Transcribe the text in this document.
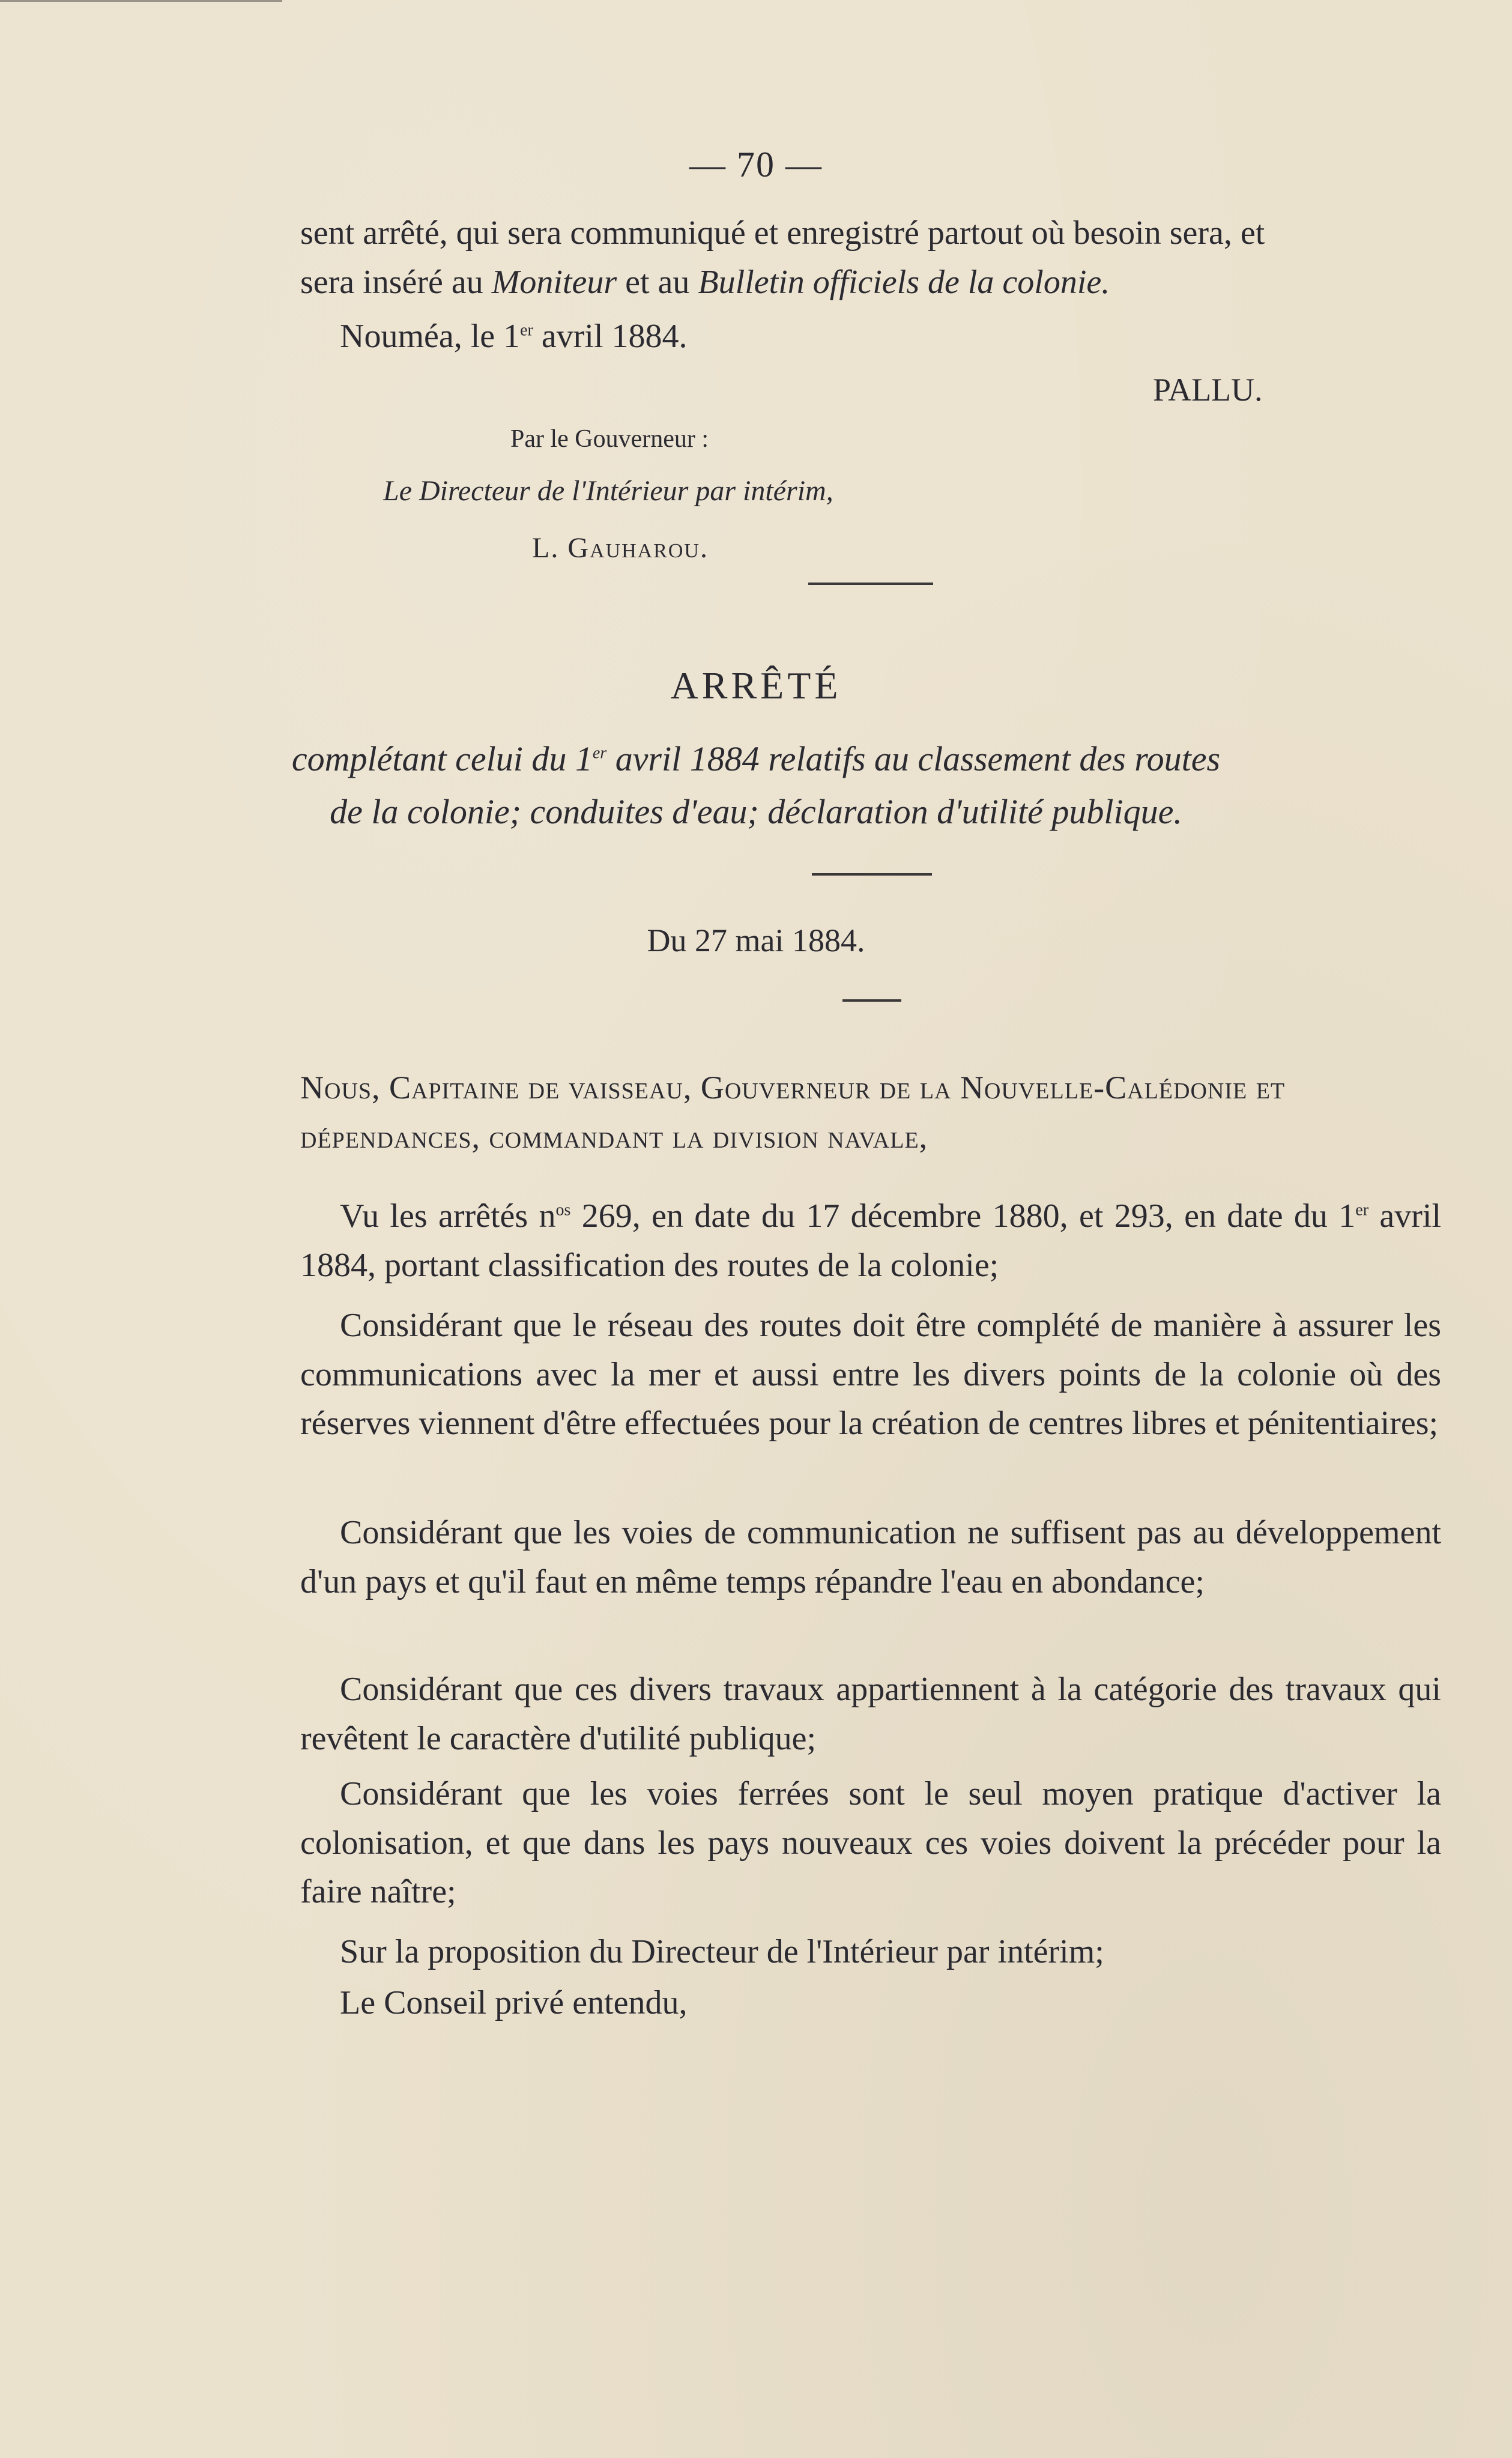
— 70 —
sent arrêté, qui sera communiqué et enregistré partout où besoin sera, et
sera inséré au Moniteur et au Bulletin officiels de la colonie.
Nouméa, le 1er avril 1884.
PALLU.
Par le Gouverneur :
Le Directeur de l'Intérieur par intérim,
L. Gauharou.
ARRÊTÉ
complétant celui du 1er avril 1884 relatifs au classement des routes
de la colonie; conduites d'eau; déclaration d'utilité publique.
Du 27 mai 1884.
Nous, Capitaine de vaisseau, Gouverneur de la Nouvelle-Calédonie et
dépendances, commandant la division navale,
Vu les arrêtés $n^{os}$ 269, en date du 17 décembre 1880, et 293, en date du 1er avril 1884, portant classification des routes de la colonie;
Considérant que le réseau des routes doit être complété de manière à assurer les communications avec la mer et aussi entre les divers points de la colonie où des réserves viennent d'être effectuées pour la création de centres libres et pénitentiaires;
Considérant que les voies de communication ne suffisent pas au développement d'un pays et qu'il faut en même temps répandre l'eau en abondance;
Considérant que ces divers travaux appartiennent à la catégorie des travaux qui revêtent le caractère d'utilité publique;
Considérant que les voies ferrées sont le seul moyen pratique d'activer la colonisation, et que dans les pays nouveaux ces voies doivent la précéder pour la faire naître;
Sur la proposition du Directeur de l'Intérieur par intérim;
Le Conseil privé entendu,
